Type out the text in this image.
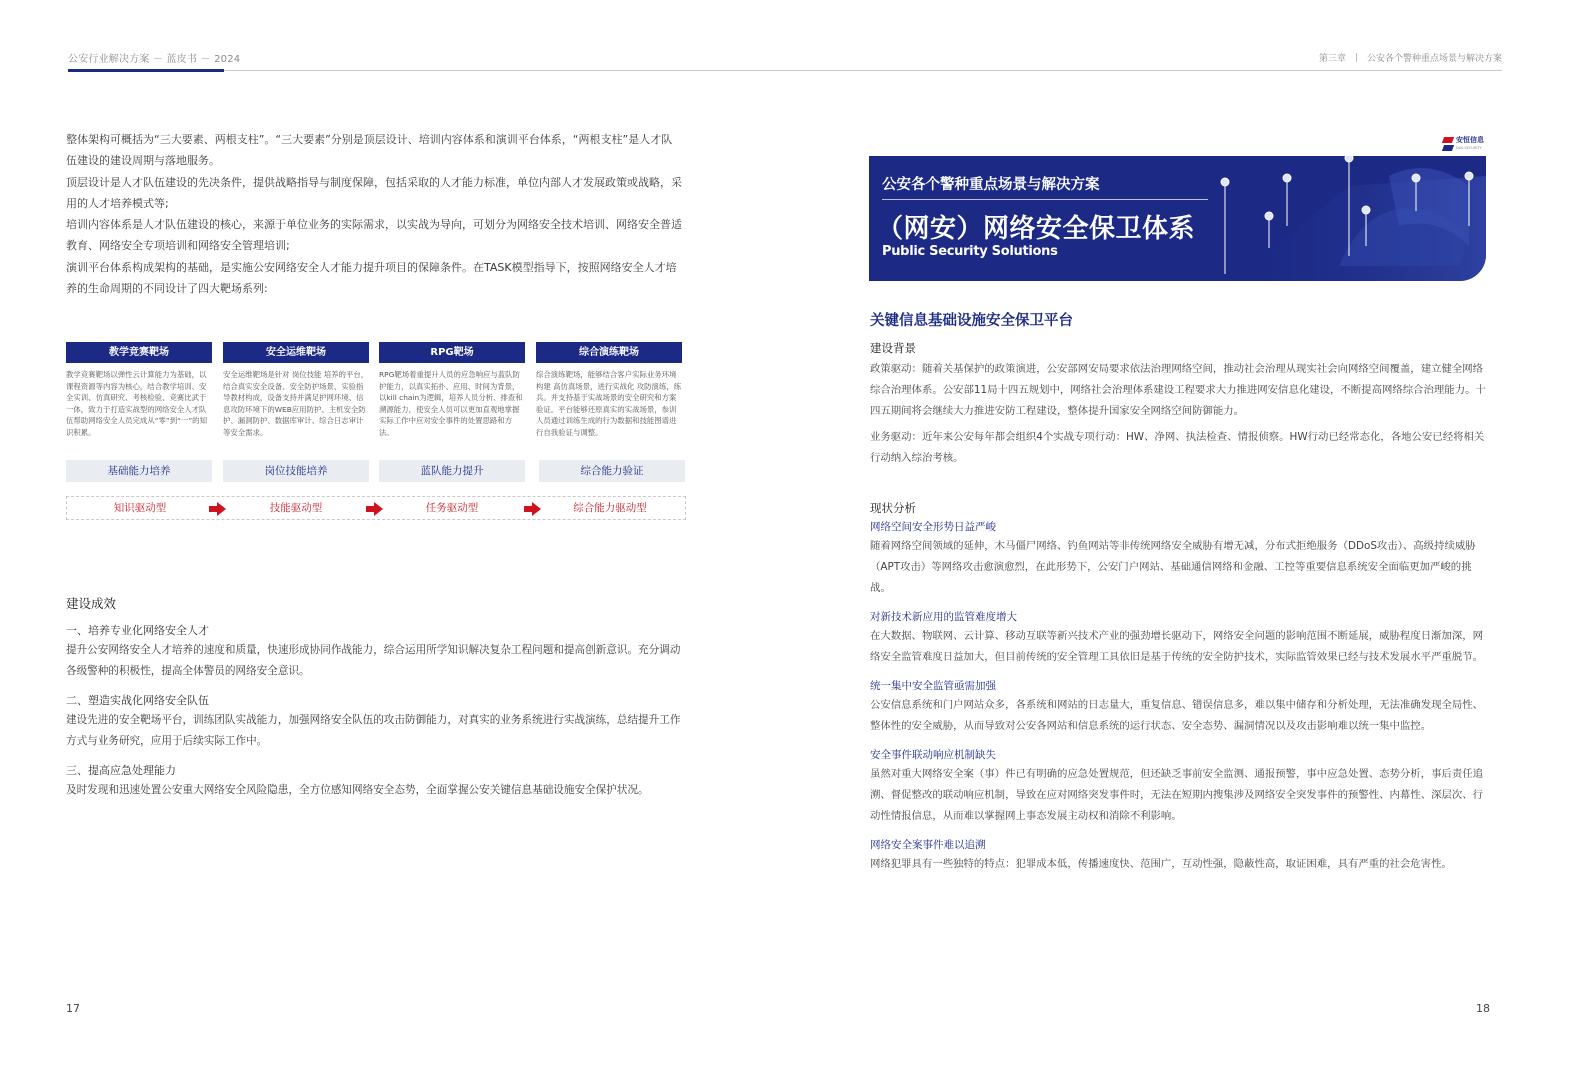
公安行业解决方案 － 蓝皮书 － 2024	第三章 公安各个警种重点场景与解决方案

整体架构可概括为“三大要素、两根支柱”。“三大要素”分别是顶层设计、培训内容体系和演训平台体系，“两根支柱”是人才队伍建设的建设周期与落地服务。

顶层设计是人才队伍建设的先决条件，提供战略指导与制度保障，包括采取的人才能力标准，单位内部人才发展政策或战略，采用的人才培养模式等;

培训内容体系是人才队伍建设的核心，来源于单位业务的实际需求，以实战为导向，可划分为网络安全技术培训、网络安全普适教育、网络安全专项培训和网络安全管理培训;

演训平台体系构成架构的基础，是实施公安网络安全人才能力提升项目的保障条件。在TASK模型指导下，按照网络安全人才培养的生命周期的不同设计了四大靶场系列:

教学竞赛靶场
教学竞赛靶场以弹性云计算能力为基础，以课程资源等内容为核心，结合教学培训、安全实训、仿真研究、考核检验、竞赛比武于一体，致力于打造实战型的网络安全人才队伍帮助网络安全人员完成从“零”到“一”的知识积累。
安全运维靶场
安全运维靶场是针对 岗位技能 培养的平台，结合真实安全设备、安全防护场景、实验指导教材构成，设备支持并满足护网环境、信息攻防环境下的WEB应用防护、主机安全防护、漏洞防护、数据库审计、综合日志审计等安全需求。
RPG靶场
RPG靶场着重提升人员的应急响应与蓝队防护能力，以真实拓扑、应用、时间为背景，以kill chain为逻辑，培养人员分析、排查和溯源能力，使安全人员可以更加直观地掌握实际工作中应对安全事件的处置思路和方法。
综合演练靶场
综合演练靶场，能够结合客户实际业务环境构建 高仿真场景，进行实战化 攻防演练，练兵。并支持基于实战场景的安全研究和方案验证。平台能够还原真实的实战场景，参训人员通过训练生成的行为数据和技能图谱进行自我验证与调整。
基础能力培养	岗位技能培养	蓝队能力提升	综合能力验证
知识驱动型	技能驱动型	任务驱动型	综合能力驱动型
建设成效
一、培养专业化网络安全人才

提升公安网络安全人才培养的速度和质量，快速形成协同作战能力，综合运用所学知识解决复杂工程问题和提高创新意识。充分调动各级警种的积极性，提高全体警员的网络安全意识。

二、塑造实战化网络安全队伍

建设先进的安全靶场平台，训练团队实战能力，加强网络安全队伍的攻击防御能力，对真实的业务系统进行实战演练，总结提升工作方式与业务研究，应用于后续实际工作中。

三、提高应急处理能力

及时发现和迅速处置公安重大网络安全风险隐患，全方位感知网络安全态势，全面掌握公安关键信息基础设施安全保护状况。

17	18
安恒信息
DAS-SECURITY
公安各个警种重点场景与解决方案
（网安）网络安全保卫体系
Public Security Solutions
关键信息基础设施安全保卫平台
建设背景

政策驱动：随着关基保护的政策演进，公安部网安局要求依法治理网络空间，推动社会治理从现实社会向网络空间覆盖，建立健全网络综合治理体系。公安部11局十四五规划中，网络社会治理体系建设工程要求大力推进网安信息化建设，不断提高网络综合治理能力。十四五期间将会继续大力推进安防工程建设，整体提升国家安全网络空间防御能力。

业务驱动：近年来公安每年都会组织4个实战专项行动：HW、净网、执法检查、情报侦察。HW行动已经常态化，各地公安已经将相关行动纳入综治考核。

现状分析
网络空间安全形势日益严峻

随着网络空间领域的延伸，木马僵尸网络、钓鱼网站等非传统网络安全威胁有增无减，分布式拒绝服务（DDoS攻击）、高级持续威胁（APT攻击）等网络攻击愈演愈烈，在此形势下，公安门户网站、基础通信网络和金融、工控等重要信息系统安全面临更加严峻的挑战。

对新技术新应用的监管难度增大

在大数据、物联网、云计算、移动互联等新兴技术产业的强劲增长驱动下，网络安全问题的影响范围不断延展，威胁程度日渐加深，网络安全监管难度日益加大，但目前传统的安全管理工具依旧是基于传统的安全防护技术，实际监管效果已经与技术发展水平严重脱节。

统一集中安全监管亟需加强

公安信息系统和门户网站众多，各系统和网站的日志量大，重复信息、错误信息多，难以集中储存和分析处理，无法准确发现全局性、整体性的安全威胁，从而导致对公安各网站和信息系统的运行状态、安全态势、漏洞情况以及攻击影响难以统一集中监控。

安全事件联动响应机制缺失

虽然对重大网络安全案（事）件已有明确的应急处置规范，但还缺乏事前安全监测、通报预警，事中应急处置、态势分析，事后责任追溯、督促整改的联动响应机制，导致在应对网络突发事件时，无法在短期内搜集涉及网络安全突发事件的预警性、内幕性、深层次、行动性情报信息，从而难以掌握网上事态发展主动权和消除不利影响。

网络安全案事件难以追溯

网络犯罪具有一些独特的特点：犯罪成本低，传播速度快、范围广，互动性强，隐蔽性高，取证困难，具有严重的社会危害性。
